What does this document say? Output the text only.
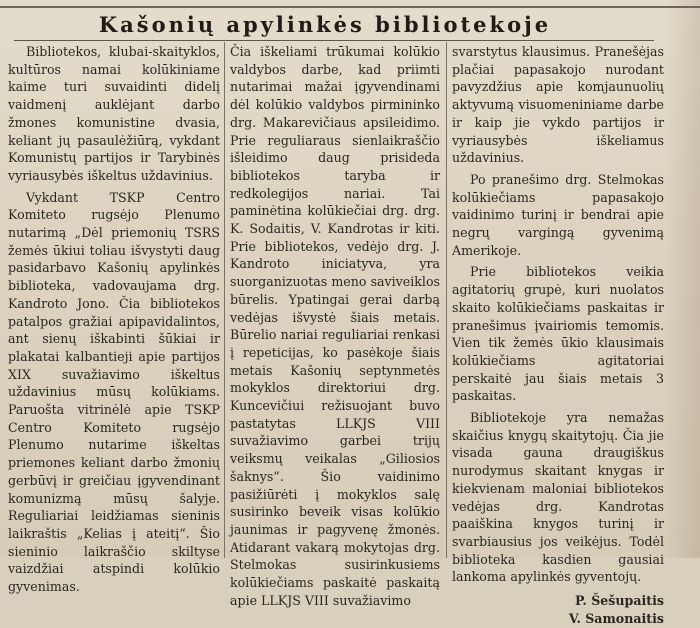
Kašonių apylinkės bibliotekoje

Bibliotekos, klubai-skaityklos, kultūros namai kolūkiniame kaime turi suvaidinti didelį vaidmenį auklėjant darbo žmones komunistine dvasia, keliant jų pasaulėžiūrą, vykdant Komunistų partijos ir Tarybinės vyriausybės iškeltus uždavinius.

Vykdant TSKP Centro Komiteto rugsėjo Plenumo nutarimą „Dėl priemonių TSRS žemės ūkiui toliau išvystyti daug pasidarbavo Kašonių apylinkės biblioteka, vadovaujama drg. Kandroto Jono. Čia bibliotekos patalpos gražiai apipavidalintos, ant sienų iškabinti šūkiai ir plakatai kalbantieji apie partijos XIX suvažiavimo iškeltus uždavinius mūsų kolūkiams. Paruošta vitrinėlė apie TSKP Centro Komiteto rugsėjo Plenumo nutarime iškeltas priemones keliant darbo žmonių gerbūvį ir greičiau įgyvendinant komunizmą mūsų šalyje. Reguliariai leidžiamas sieninis laikraštis „Kelias į ateitį“. Šio sieninio laikraščio skiltyse vaizdžiai atspindi kolūkio gyvenimas.

Čia iškeliami trūkumai kolūkio valdybos darbe, kad priimti nutarimai mažai įgyvendinami dėl kolūkio valdybos pirmininko drg. Makarevičiaus apsileidimo. Prie reguliaraus sienlaikraščio išleidimo daug prisideda bibliotekos taryba ir redkolegijos nariai. Tai paminėtina kolūkiečiai drg. drg. K. Sodaitis, V. Kandrotas ir kiti. Prie bibliotekos, vedėjo drg. J. Kandroto iniciatyva, yra suorganizuotas meno saviveiklos būrelis. Ypatingai gerai darbą vedėjas išvystė šiais metais. Būrelio nariai reguliariai renkasi į repeticijas, ko pasėkoje šiais metais Kašonių septynmetės mokyklos direktoriui drg. Kuncevičiui režisuojant buvo pastatytas LLKJS VIII suvažiavimo garbei trijų veiksmų veikalas „Giliosios šaknys“. Šio vaidinimo pasižiūrėti į mokyklos salę susirinko beveik visas kolūkio jaunimas ir pagyvenę žmonės. Atidarant vakarą mokytojas drg. Stelmokas susirinkusiems kolūkiečiams paskaitė paskaitą apie LLKJS VIII suvažiavimo

svarstytus klausimus. Pranešėjas plačiai papasakojo nurodant pavyzdžius apie komjaunuolių aktyvumą visuomeniniame darbe ir kaip jie vykdo partijos ir vyriausybės iškeliamus uždavinius.

Po pranešimo drg. Stelmokas kolūkiečiams papasakojo vaidinimo turinį ir bendrai apie negrų vargingą gyvenimą Amerikoje.

Prie bibliotekos veikia agitatorių grupė, kuri nuolatos skaito kolūkiečiams paskaitas ir pranešimus įvairiomis temomis. Vien tik žemės ūkio klausimais kolūkiečiams agitatoriai perskaitė jau šiais metais 3 paskaitas.

Bibliotekoje yra nemažas skaičius knygų skaitytojų. Čia jie visada gauna draugiškus nurodymus skaitant knygas ir kiekvienam maloniai bibliotekos vedėjas drg. Kandrotas paaiškina knygos turinį ir svarbiausius jos veikėjus. Todėl biblioteka kasdien gausiai lankoma apylinkės gyventojų.

P. Šešupaitis
V. Samonaitis
